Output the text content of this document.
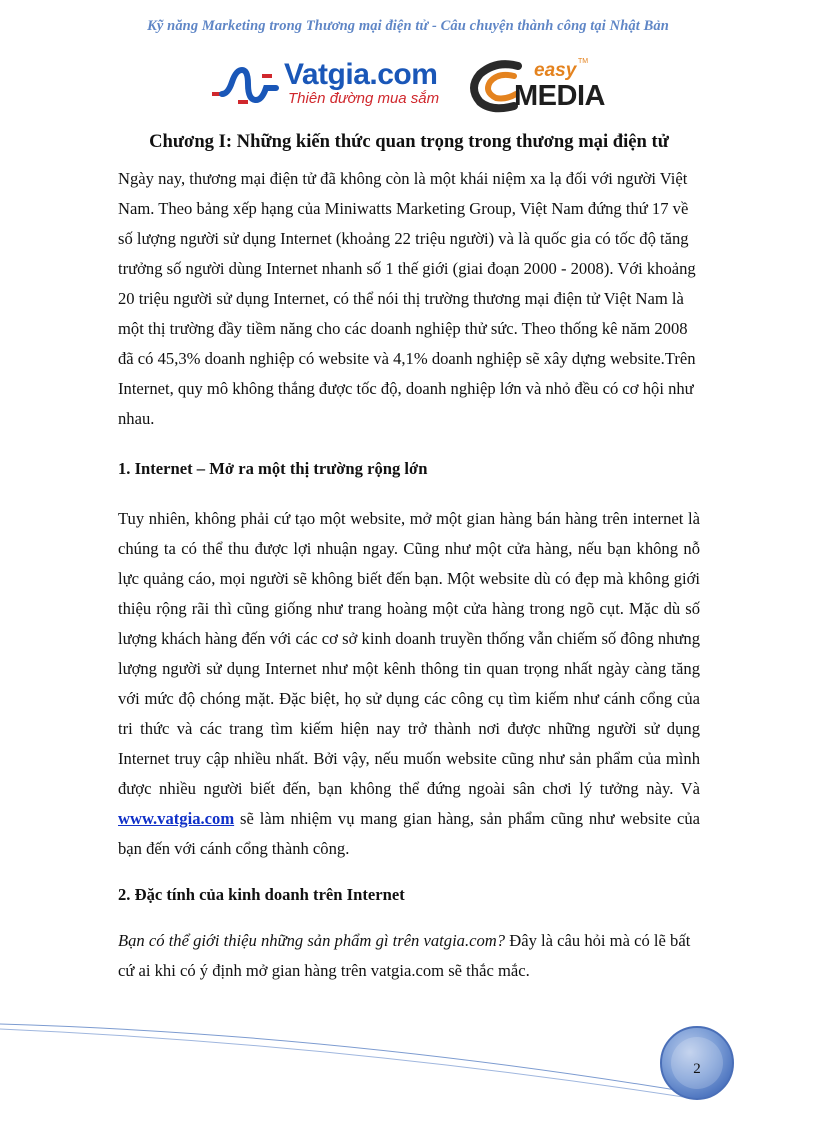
Kỹ năng Marketing trong Thương mại điện tử - Câu chuyện thành công tại Nhật Bản
Vatgia.com
Thiên đường mua sắm
easy TM
MEDIA
Chương I: Những kiến thức quan trọng trong thương mại điện tử

Ngày nay, thương mại điện tử đã không còn là một khái niệm xa lạ đối với người Việt Nam. Theo bảng xếp hạng của Miniwatts Marketing Group, Việt Nam đứng thứ 17 về số lượng người sử dụng Internet (khoảng 22 triệu người) và là quốc gia có tốc độ tăng trưởng số người dùng Internet nhanh số 1 thế giới (giai đoạn 2000 - 2008). Với khoảng 20 triệu người sử dụng Internet, có thể nói thị trường thương mại điện tử Việt Nam là một thị trường đầy tiềm năng cho các doanh nghiệp thử sức. Theo thống kê năm 2008 đã có 45,3% doanh nghiệp có website và 4,1% doanh nghiệp sẽ xây dựng website.Trên Internet, quy mô không thắng được tốc độ, doanh nghiệp lớn và nhỏ đều có cơ hội như nhau.

1. Internet – Mở ra một thị trường rộng lớn

Tuy nhiên, không phải cứ tạo một website, mở một gian hàng bán hàng trên internet là chúng ta có thể thu được lợi nhuận ngay. Cũng như một cửa hàng, nếu bạn không nỗ lực quảng cáo, mọi người sẽ không biết đến bạn. Một website dù có đẹp mà không giới thiệu rộng rãi thì cũng giống như trang hoàng một cửa hàng trong ngõ cụt. Mặc dù số lượng khách hàng đến với các cơ sở kinh doanh truyền thống vẫn chiếm số đông nhưng lượng người sử dụng Internet như một kênh thông tin quan trọng nhất ngày càng tăng với mức độ chóng mặt. Đặc biệt, họ sử dụng các công cụ tìm kiếm như cánh cổng của tri thức và các trang tìm kiếm hiện nay trở thành nơi được những người sử dụng Internet truy cập nhiều nhất. Bởi vậy, nếu muốn website cũng như sản phẩm của mình được nhiều người biết đến, bạn không thể đứng ngoài sân chơi lý tưởng này. Và www.vatgia.com sẽ làm nhiệm vụ mang gian hàng, sản phẩm cũng như website của bạn đến với cánh cổng thành công.

2. Đặc tính của kinh doanh trên Internet

Bạn có thể giới thiệu những sản phẩm gì trên vatgia.com? Đây là câu hỏi mà có lẽ bất cứ ai khi có ý định mở gian hàng trên vatgia.com sẽ thắc mắc.

2
